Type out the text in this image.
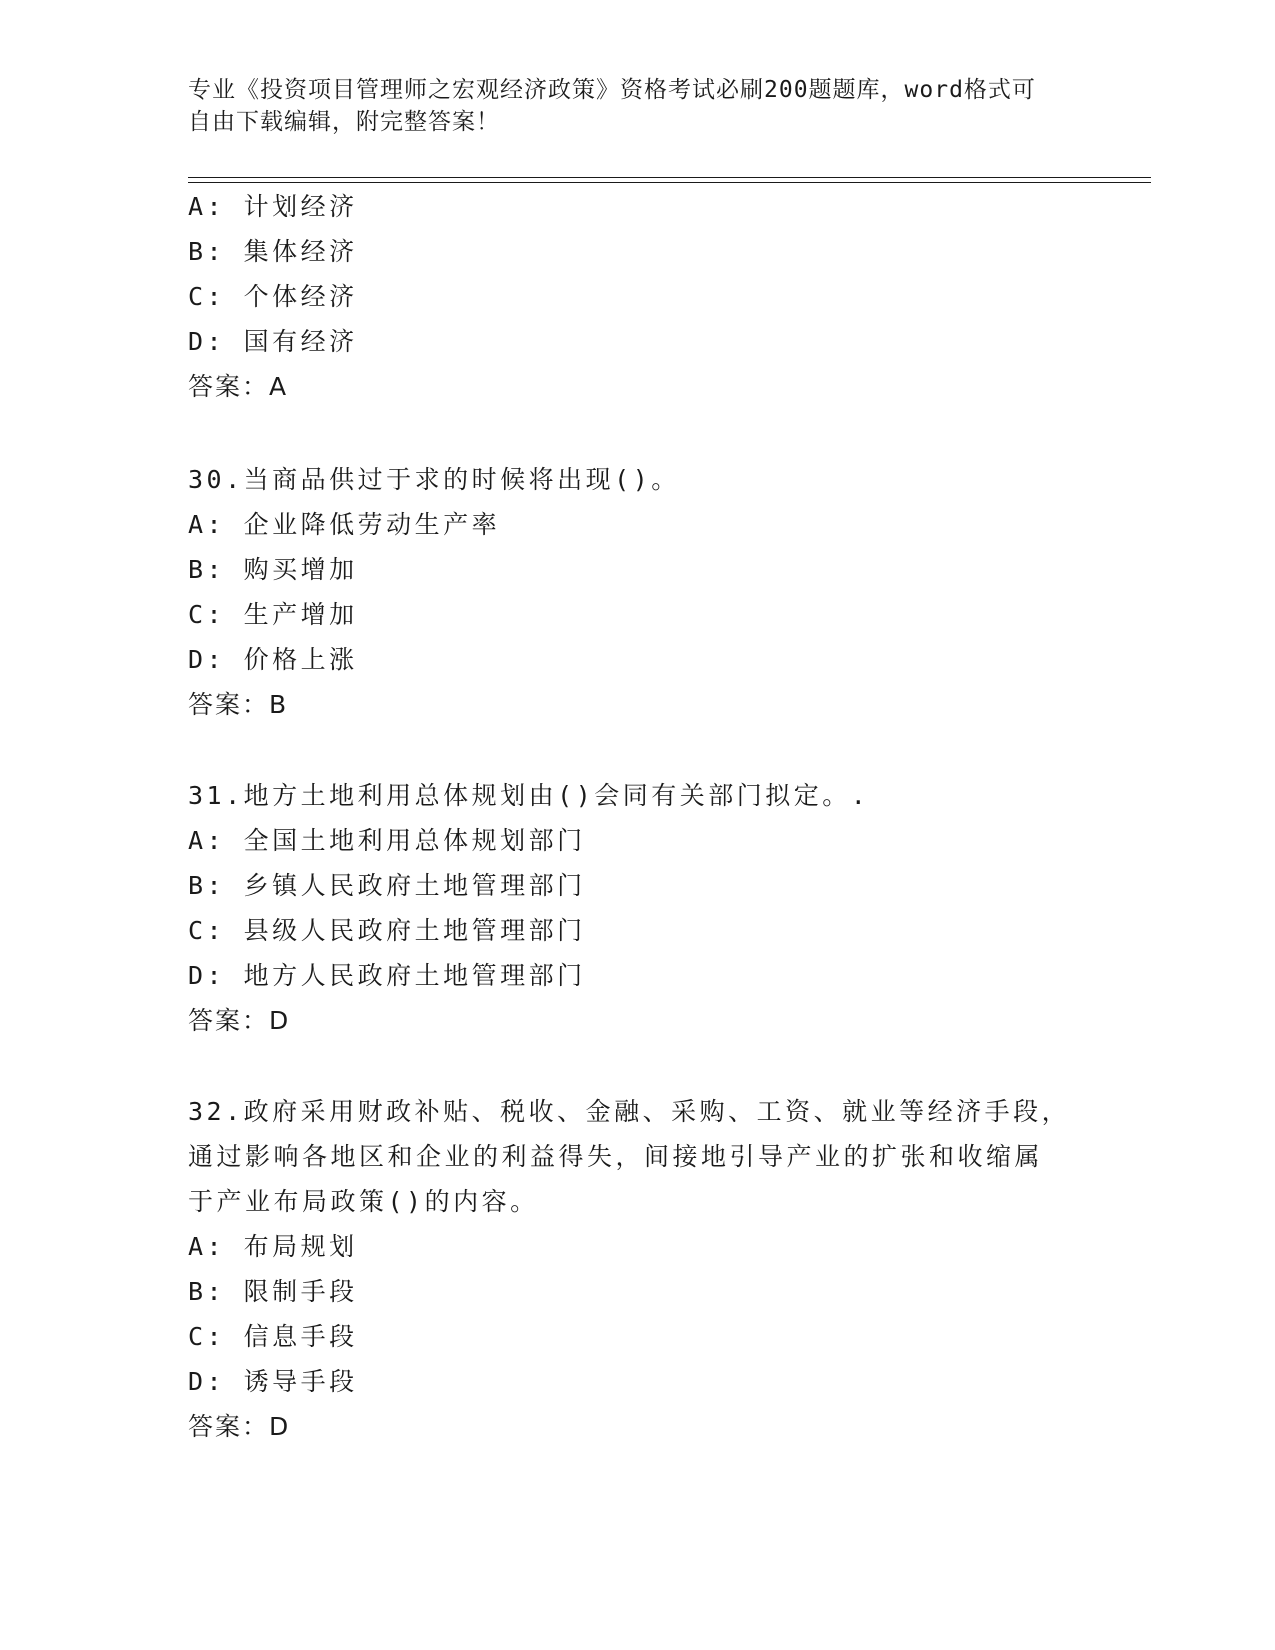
专业《投资项目管理师之宏观经济政策》资格考试必刷200题题库，word格式可
自由下载编辑，附完整答案！
A: 计划经济
B: 集体经济
C: 个体经济
D: 国有经济
答案：A
30.当商品供过于求的时候将出现()。
A: 企业降低劳动生产率
B: 购买增加
C: 生产增加
D: 价格上涨
答案：B
31.地方土地利用总体规划由()会同有关部门拟定。.
A: 全国土地利用总体规划部门
B: 乡镇人民政府土地管理部门
C: 县级人民政府土地管理部门
D: 地方人民政府土地管理部门
答案：D
32.政府采用财政补贴、税收、金融、采购、工资、就业等经济手段，
通过影响各地区和企业的利益得失，间接地引导产业的扩张和收缩属
于产业布局政策()的内容。
A: 布局规划
B: 限制手段
C: 信息手段
D: 诱导手段
答案：D
